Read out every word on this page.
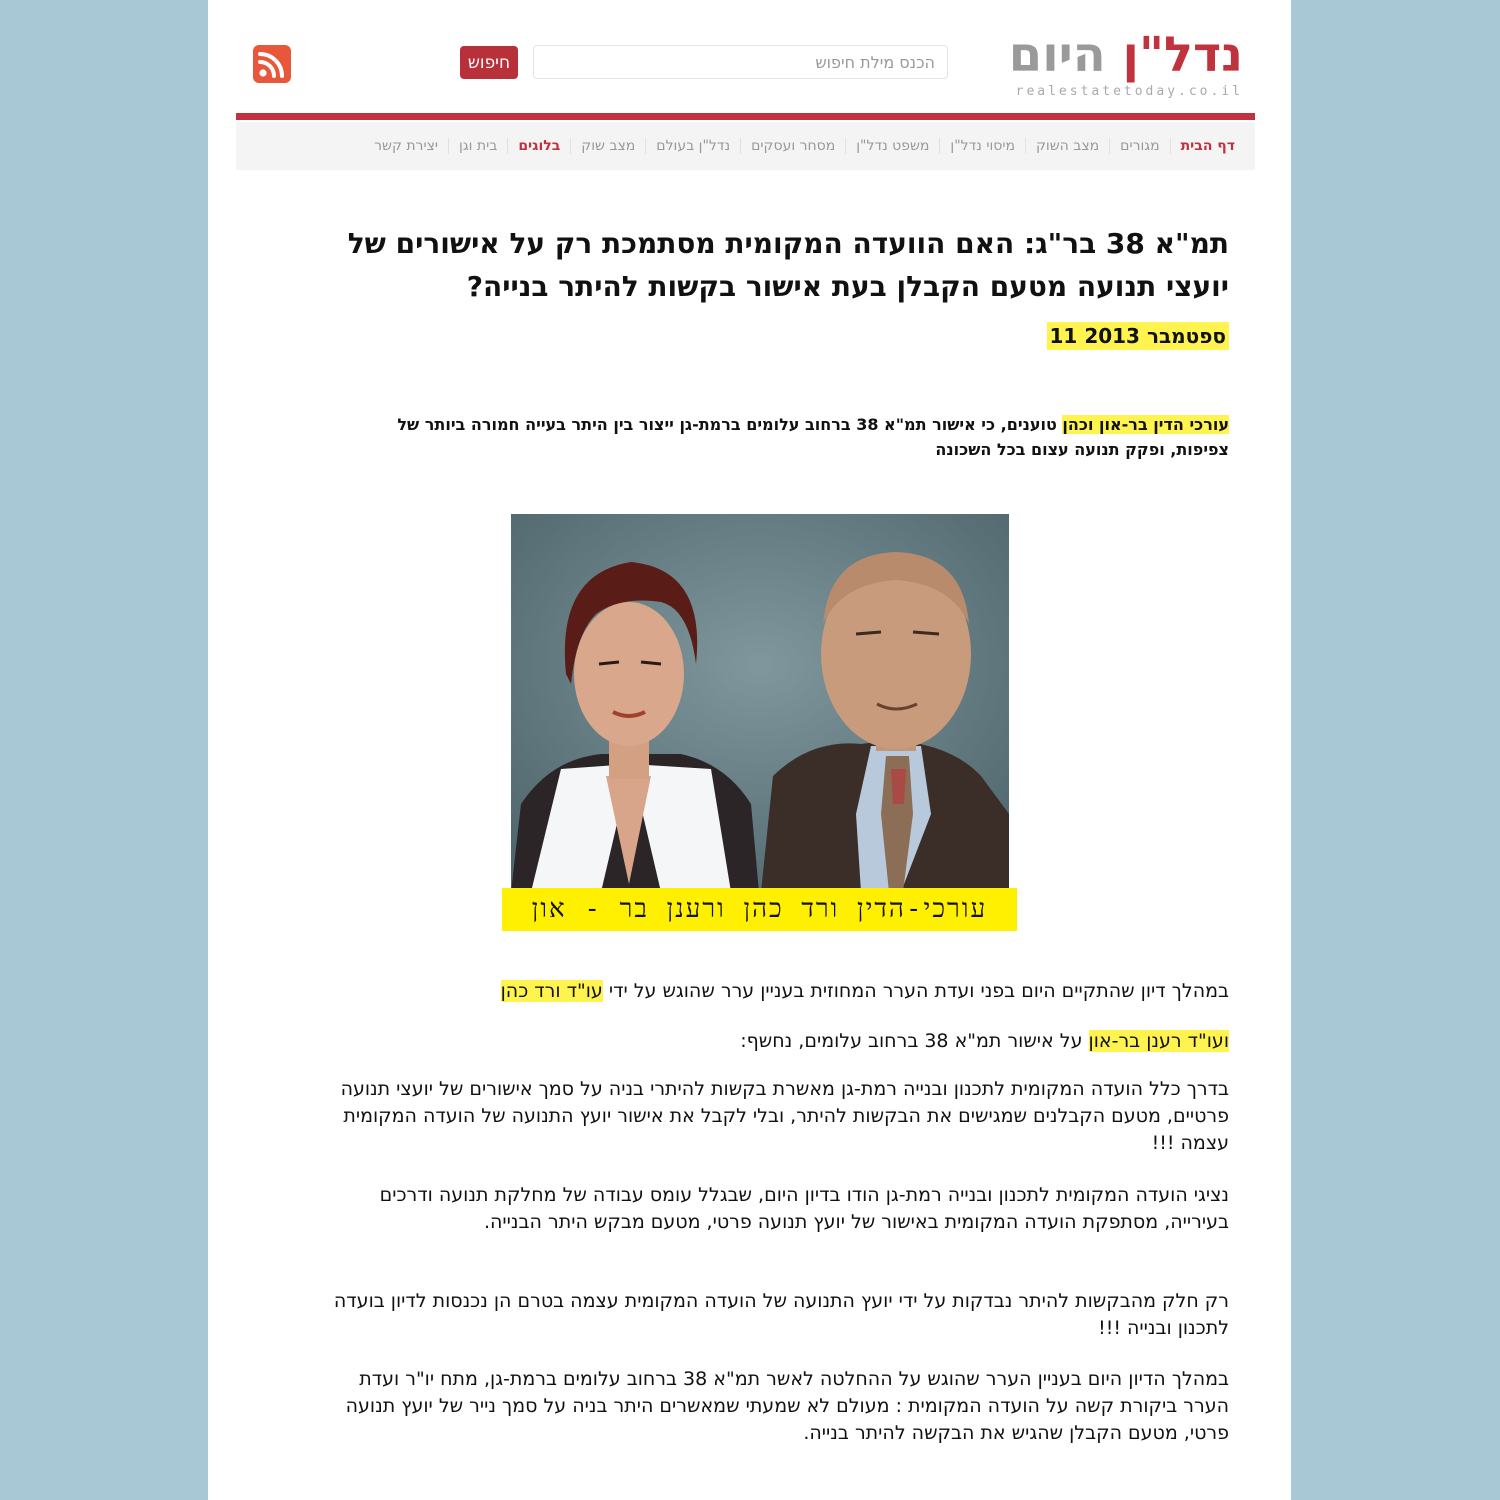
חיפוש
הכנס מילת חיפוש	נדל"ן היום
realestatetoday.co.il
דף הבית
מגורים
מצב השוק
מיסוי נדל"ן
משפט נדל"ן
מסחר ועסקים
נדל"ן בעולם
מצב שוק
בלוגים
בית וגן
יצירת קשר
תמ"א 38 בר"ג: האם הוועדה המקומית מסתמכת רק על אישורים של יועצי תנועה מטעם הקבלן בעת אישור בקשות להיתר בנייה?
11 ספטמבר 2013
עורכי הדין בר-און וכהן טוענים, כי אישור תמ"א 38 ברחוב עלומים ברמת-גן ייצור בין היתר בעייה חמורה ביותר של צפיפות, ופקק תנועה עצום בכל השכונה
עורכי-הדין ורד כהן ורענן בר - און
במהלך דיון שהתקיים היום בפני ועדת הערר המחוזית בעניין ערר שהוגש על ידי עו"ד ורד כהן
ועו"ד רענן בר-און על אישור תמ"א 38 ברחוב עלומים, נחשף:
בדרך כלל הועדה המקומית לתכנון ובנייה רמת-גן מאשרת בקשות להיתרי בניה על סמך אישורים של יועצי תנועה פרטיים, מטעם הקבלנים שמגישים את הבקשות להיתר, ובלי לקבל את אישור יועץ התנועה של הועדה המקומית עצמה !!!
נציגי הועדה המקומית לתכנון ובנייה רמת-גן הודו בדיון היום, שבגלל עומס עבודה של מחלקת תנועה ודרכים בעירייה, מסתפקת הועדה המקומית באישור של יועץ תנועה פרטי, מטעם מבקש היתר הבנייה.
רק חלק מהבקשות להיתר נבדקות על ידי יועץ התנועה של הועדה המקומית עצמה בטרם הן נכנסות לדיון בועדה לתכנון ובנייה !!!
במהלך הדיון היום בעניין הערר שהוגש על ההחלטה לאשר תמ"א 38 ברחוב עלומים ברמת-גן, מתח יו"ר ועדת הערר ביקורת קשה על הועדה המקומית : מעולם לא שמעתי שמאשרים היתר בניה על סמך נייר של יועץ תנועה פרטי, מטעם הקבלן שהגיש את הבקשה להיתר בנייה.
